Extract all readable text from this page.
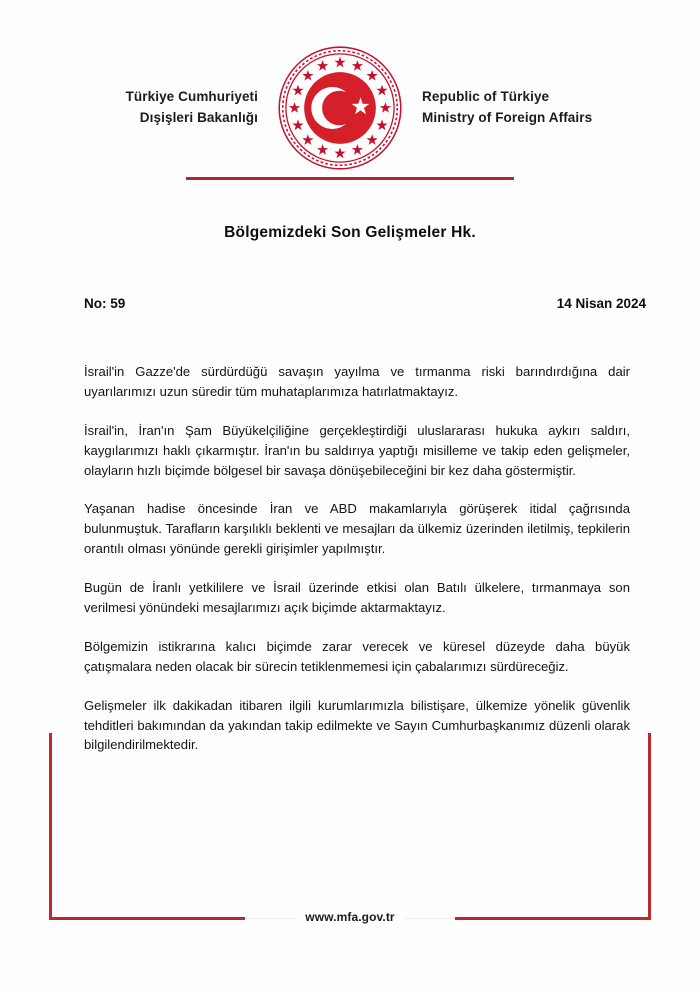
Türkiye Cumhuriyeti
Dışişleri Bakanlığı
Republic of Türkiye
Ministry of Foreign Affairs
Bölgemizdeki Son Gelişmeler Hk.
No: 59	14 Nisan 2024

İsrail'in Gazze'de sürdürdüğü savaşın yayılma ve tırmanma riski barındırdığına dair uyarılarımızı uzun süredir tüm muhataplarımıza hatırlatmaktayız.

İsrail'in, İran'ın Şam Büyükelçiliğine gerçekleştirdiği uluslararası hukuka aykırı saldırı, kaygılarımızı haklı çıkarmıştır. İran'ın bu saldırıya yaptığı misilleme ve takip eden gelişmeler, olayların hızlı biçimde bölgesel bir savaşa dönüşebileceğini bir kez daha göstermiştir.

Yaşanan hadise öncesinde İran ve ABD makamlarıyla görüşerek itidal çağrısında bulunmuştuk. Tarafların karşılıklı beklenti ve mesajları da ülkemiz üzerinden iletilmiş, tepkilerin orantılı olması yönünde gerekli girişimler yapılmıştır.

Bugün de İranlı yetkililere ve İsrail üzerinde etkisi olan Batılı ülkelere, tırmanmaya son verilmesi yönündeki mesajlarımızı açık biçimde aktarmaktayız.

Bölgemizin istikrarına kalıcı biçimde zarar verecek ve küresel düzeyde daha büyük çatışmalara neden olacak bir sürecin tetiklenmemesi için çabalarımızı sürdüreceğiz.

Gelişmeler ilk dakikadan itibaren ilgili kurumlarımızla bilistişare, ülkemize yönelik güvenlik tehditleri bakımından da yakından takip edilmekte ve Sayın Cumhurbaşkanımız düzenli olarak bilgilendirilmektedir.

www.mfa.gov.tr
